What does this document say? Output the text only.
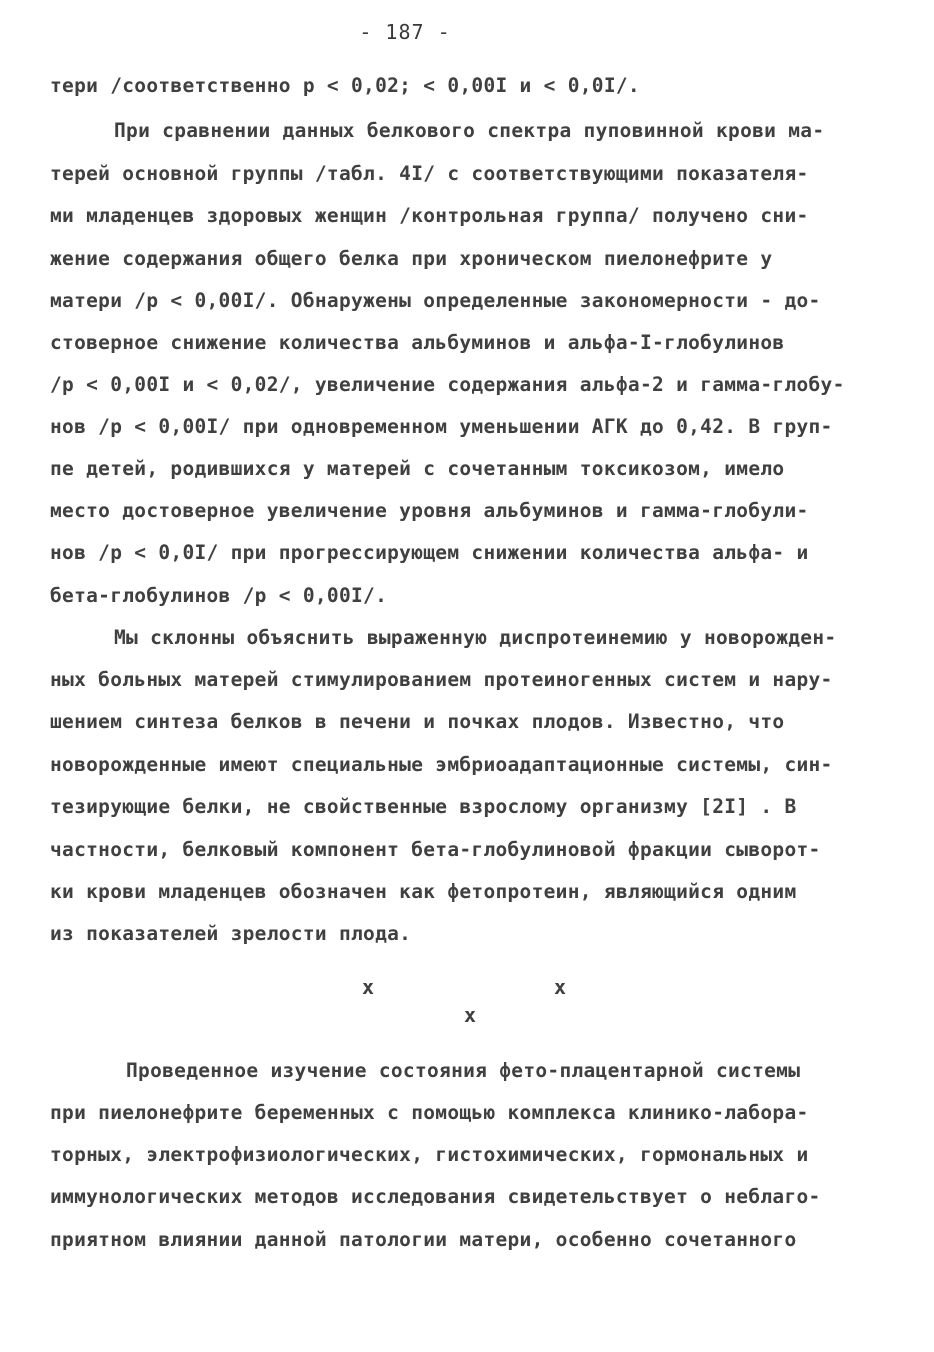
- 187 -
тери /соответственно p < 0,02; < 0,00I и < 0,0I/.
При сравнении данных белкового спектра пуповинной крови ма-
терей основной группы /табл. 4I/ с соответствующими показателя-
ми младенцев здоровых женщин /контрольная группа/ получено сни-
жение содержания общего белка при хроническом пиелонефрите у
матери /p < 0,00I/. Обнаружены определенные закономерности - до-
стоверное снижение количества альбуминов и альфа-I-глобулинов
/p < 0,00I и < 0,02/, увеличение содержания альфа-2 и гамма-глобу-
нов /p < 0,00I/ при одновременном уменьшении АГК до 0,42. В груп-
пе детей, родившихся у матерей с сочетанным токсикозом, имело
место достоверное увеличение уровня альбуминов и гамма-глобули-
нов /p < 0,0I/ при прогрессирующем снижении количества альфа- и
бета-глобулинов /p < 0,00I/.
Мы склонны объяснить выраженную диспротеинемию у новорожден-
ных больных матерей стимулированием протеиногенных систем и нару-
шением синтеза белков в печени и почках плодов. Известно, что
новорожденные имеют специальные эмбриоадаптационные системы, син-
тезирующие белки, не свойственные взрослому организму [2I] . В
частности, белковый компонент бета-глобулиновой фракции сыворот-
ки крови младенцев обозначен как фетопротеин, являющийся одним
из показателей зрелости плода.
x	x
x
Проведенное изучение состояния фето-плацентарной системы
при пиелонефрите беременных с помощью комплекса клинико-лабора-
торных, электрофизиологических, гистохимических, гормональных и
иммунологических методов исследования свидетельствует о неблаго-
приятном влиянии данной патологии матери, особенно сочетанного
